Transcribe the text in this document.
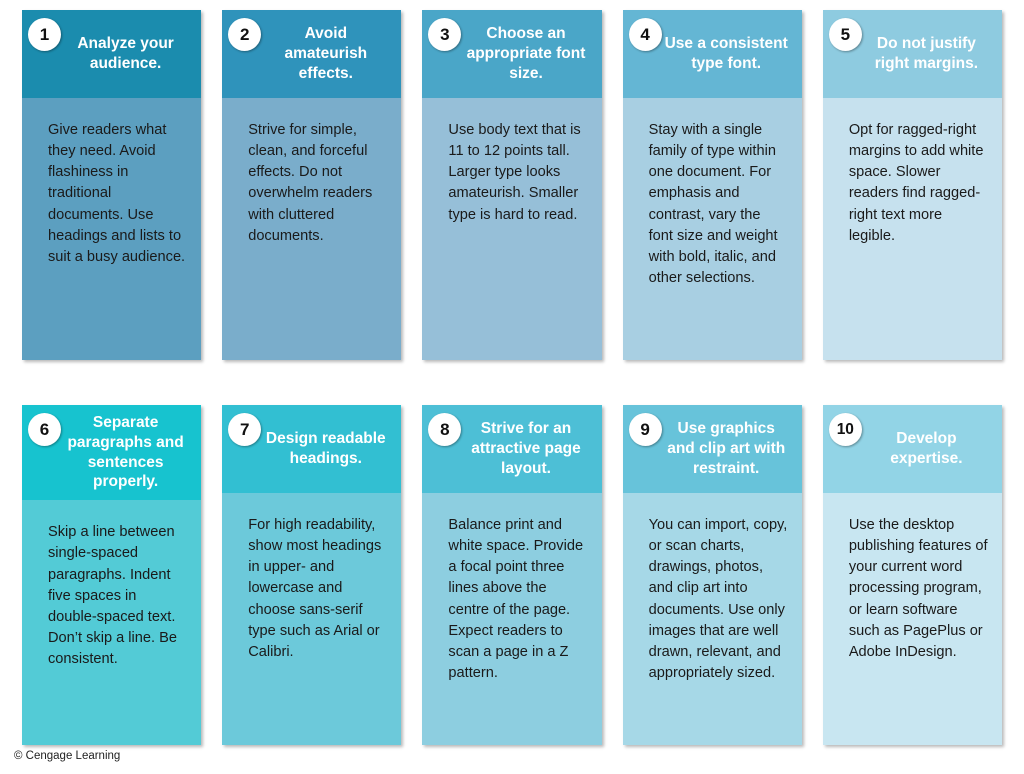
1
Analyze your audience.
Give readers what they need. Avoid flashiness in traditional documents. Use headings and lists to suit a busy audience.
2	Avoid amateurish effects.
Strive for simple, clean, and forceful effects. Do not overwhelm readers with cluttered documents.
3	Choose an appropriate font size.
Use body text that is 11 to 12 points tall. Larger type looks amateurish. Smaller type is hard to read.
4
Use a consistent type font.
Stay with a single family of type within one document. For emphasis and contrast, vary the font size and weight with bold, italic, and other selections.
5
Do not justify right margins.
Opt for ragged-right margins to add white space. Slower readers find ragged-right text more legible.
6	Separate paragraphs and sentences properly.
Skip a line between single-spaced paragraphs. Indent five spaces in double-spaced text. Don’t skip a line. Be consistent.
7
Design readable headings.
For high readability, show most headings in upper- and lowercase and choose sans-serif type such as Arial or Calibri.
8	Strive for an attractive page layout.
Balance print and white space. Provide a focal point three lines above the centre of the page. Expect readers to scan a page in a Z pattern.
9	Use graphics and clip art with restraint.
You can import, copy, or scan charts, drawings, photos, and clip art into documents. Use only images that are well drawn, relevant, and appropriately sized.
10
Develop expertise.
Use the desktop publishing features of your current word processing program, or learn software such as PagePlus or Adobe InDesign.
© Cengage Learning
